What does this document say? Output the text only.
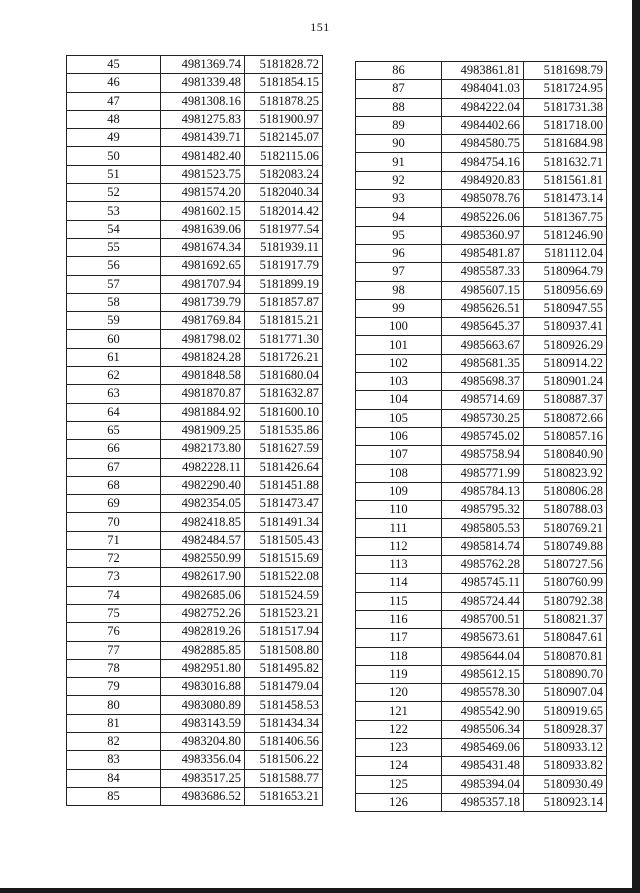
151
45	4981369.74	5181828.72
46	4981339.48	5181854.15
47	4981308.16	5181878.25
48	4981275.83	5181900.97
49	4981439.71	5182145.07
50	4981482.40	5182115.06
51	4981523.75	5182083.24
52	4981574.20	5182040.34
53	4981602.15	5182014.42
54	4981639.06	5181977.54
55	4981674.34	5181939.11
56	4981692.65	5181917.79
57	4981707.94	5181899.19
58	4981739.79	5181857.87
59	4981769.84	5181815.21
60	4981798.02	5181771.30
61	4981824.28	5181726.21
62	4981848.58	5181680.04
63	4981870.87	5181632.87
64	4981884.92	5181600.10
65	4981909.25	5181535.86
66	4982173.80	5181627.59
67	4982228.11	5181426.64
68	4982290.40	5181451.88
69	4982354.05	5181473.47
70	4982418.85	5181491.34
71	4982484.57	5181505.43
72	4982550.99	5181515.69
73	4982617.90	5181522.08
74	4982685.06	5181524.59
75	4982752.26	5181523.21
76	4982819.26	5181517.94
77	4982885.85	5181508.80
78	4982951.80	5181495.82
79	4983016.88	5181479.04
80	4983080.89	5181458.53
81	4983143.59	5181434.34
82	4983204.80	5181406.56
83	4983356.04	5181506.22
84	4983517.25	5181588.77
85	4983686.52	5181653.21
86	4983861.81	5181698.79
87	4984041.03	5181724.95
88	4984222.04	5181731.38
89	4984402.66	5181718.00
90	4984580.75	5181684.98
91	4984754.16	5181632.71
92	4984920.83	5181561.81
93	4985078.76	5181473.14
94	4985226.06	5181367.75
95	4985360.97	5181246.90
96	4985481.87	5181112.04
97	4985587.33	5180964.79
98	4985607.15	5180956.69
99	4985626.51	5180947.55
100	4985645.37	5180937.41
101	4985663.67	5180926.29
102	4985681.35	5180914.22
103	4985698.37	5180901.24
104	4985714.69	5180887.37
105	4985730.25	5180872.66
106	4985745.02	5180857.16
107	4985758.94	5180840.90
108	4985771.99	5180823.92
109	4985784.13	5180806.28
110	4985795.32	5180788.03
111	4985805.53	5180769.21
112	4985814.74	5180749.88
113	4985762.28	5180727.56
114	4985745.11	5180760.99
115	4985724.44	5180792.38
116	4985700.51	5180821.37
117	4985673.61	5180847.61
118	4985644.04	5180870.81
119	4985612.15	5180890.70
120	4985578.30	5180907.04
121	4985542.90	5180919.65
122	4985506.34	5180928.37
123	4985469.06	5180933.12
124	4985431.48	5180933.82
125	4985394.04	5180930.49
126	4985357.18	5180923.14
